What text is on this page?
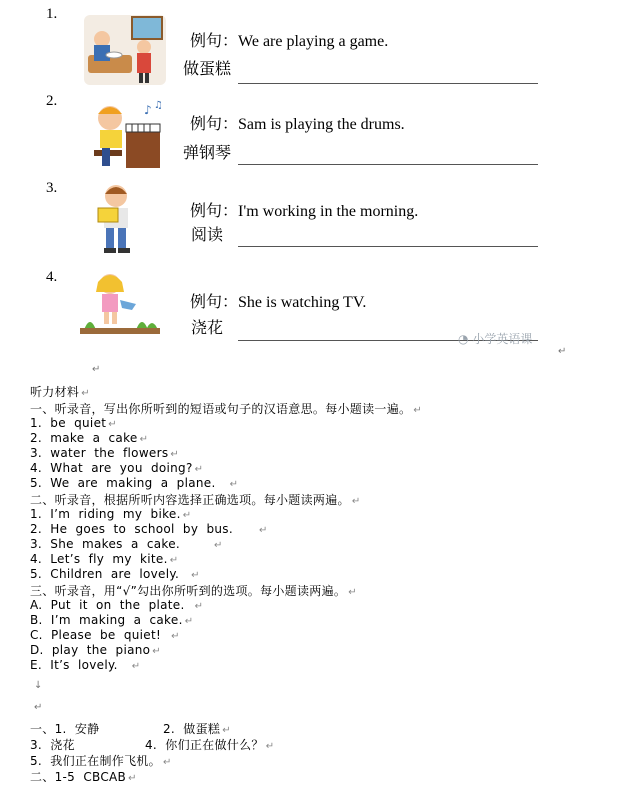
1.
例句：We are playing a game.
做蛋糕
2.
♪ ♫
例句：Sam is playing the drums.
弹钢琴
3.
例句：I'm working in the morning.
阅读
4.
例句：She is watching TV.
浇花
◔ 小学英语课
↵
↵
听力材料 ↵
一、听录音，写出你所听到的短语或句子的汉语意思。每小题读一遍。 ↵
1.  be  quiet ↵
2.  make  a  cake ↵
3.  water  the  flowers ↵
4.  What  are  you  doing? ↵
5.  We  are  making  a  plane. ↵
二、听录音，根据所听内容选择正确选项。每小题读两遍。 ↵
1.  I’m  riding  my  bike. ↵
2.  He  goes  to  school  by  bus.	↵
3.  She  makes  a  cake.	↵
4.  Let’s  fly  my  kite. ↵
5.  Children  are  lovely. ↵
三、听录音，用“√”勾出你所听到的选项。每小题读两遍。 ↵
A.  Put  it  on  the  plate. ↵
B.  I’m  making  a  cake. ↵
C.  Please  be  quiet! ↵
D.  play  the  piano ↵
E.  It’s  lovely. ↵
↓
↵
一、1.  安静	2.  做蛋糕 ↵
3.  浇花	4.  你们正在做什么？ ↵
5.  我们正在制作飞机。 ↵
二、1-5  CBCAB ↵
